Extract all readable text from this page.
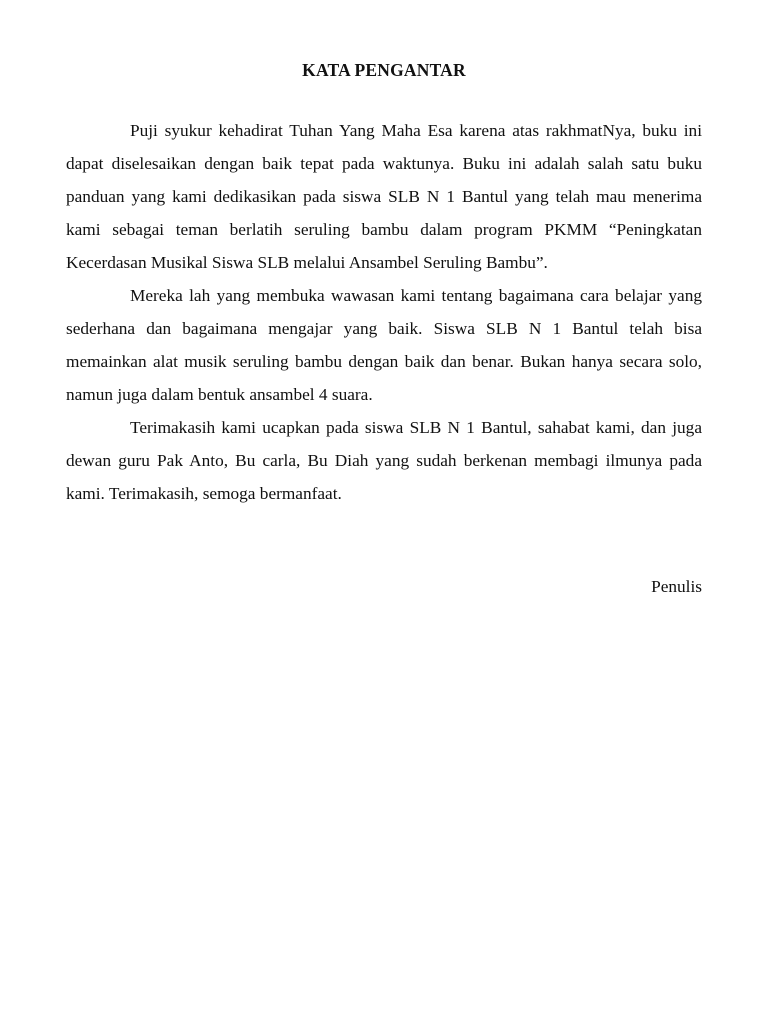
KATA PENGANTAR

Puji syukur kehadirat Tuhan Yang Maha Esa karena atas rakhmatNya, buku ini dapat diselesaikan dengan baik tepat pada waktunya. Buku ini adalah salah satu buku panduan yang kami dedikasikan pada siswa SLB N 1 Bantul yang telah mau menerima kami sebagai teman berlatih seruling bambu dalam program PKMM “Peningkatan Kecerdasan Musikal Siswa SLB melalui Ansambel Seruling Bambu”.

Mereka lah yang membuka wawasan kami tentang bagaimana cara belajar yang sederhana dan bagaimana mengajar yang baik. Siswa SLB N 1 Bantul telah bisa memainkan alat musik seruling bambu dengan baik dan benar. Bukan hanya secara solo, namun juga dalam bentuk ansambel 4 suara.

Terimakasih kami ucapkan pada siswa SLB N 1 Bantul, sahabat kami, dan juga dewan guru Pak Anto, Bu carla, Bu Diah yang sudah berkenan membagi ilmunya pada kami. Terimakasih, semoga bermanfaat.

Penulis
